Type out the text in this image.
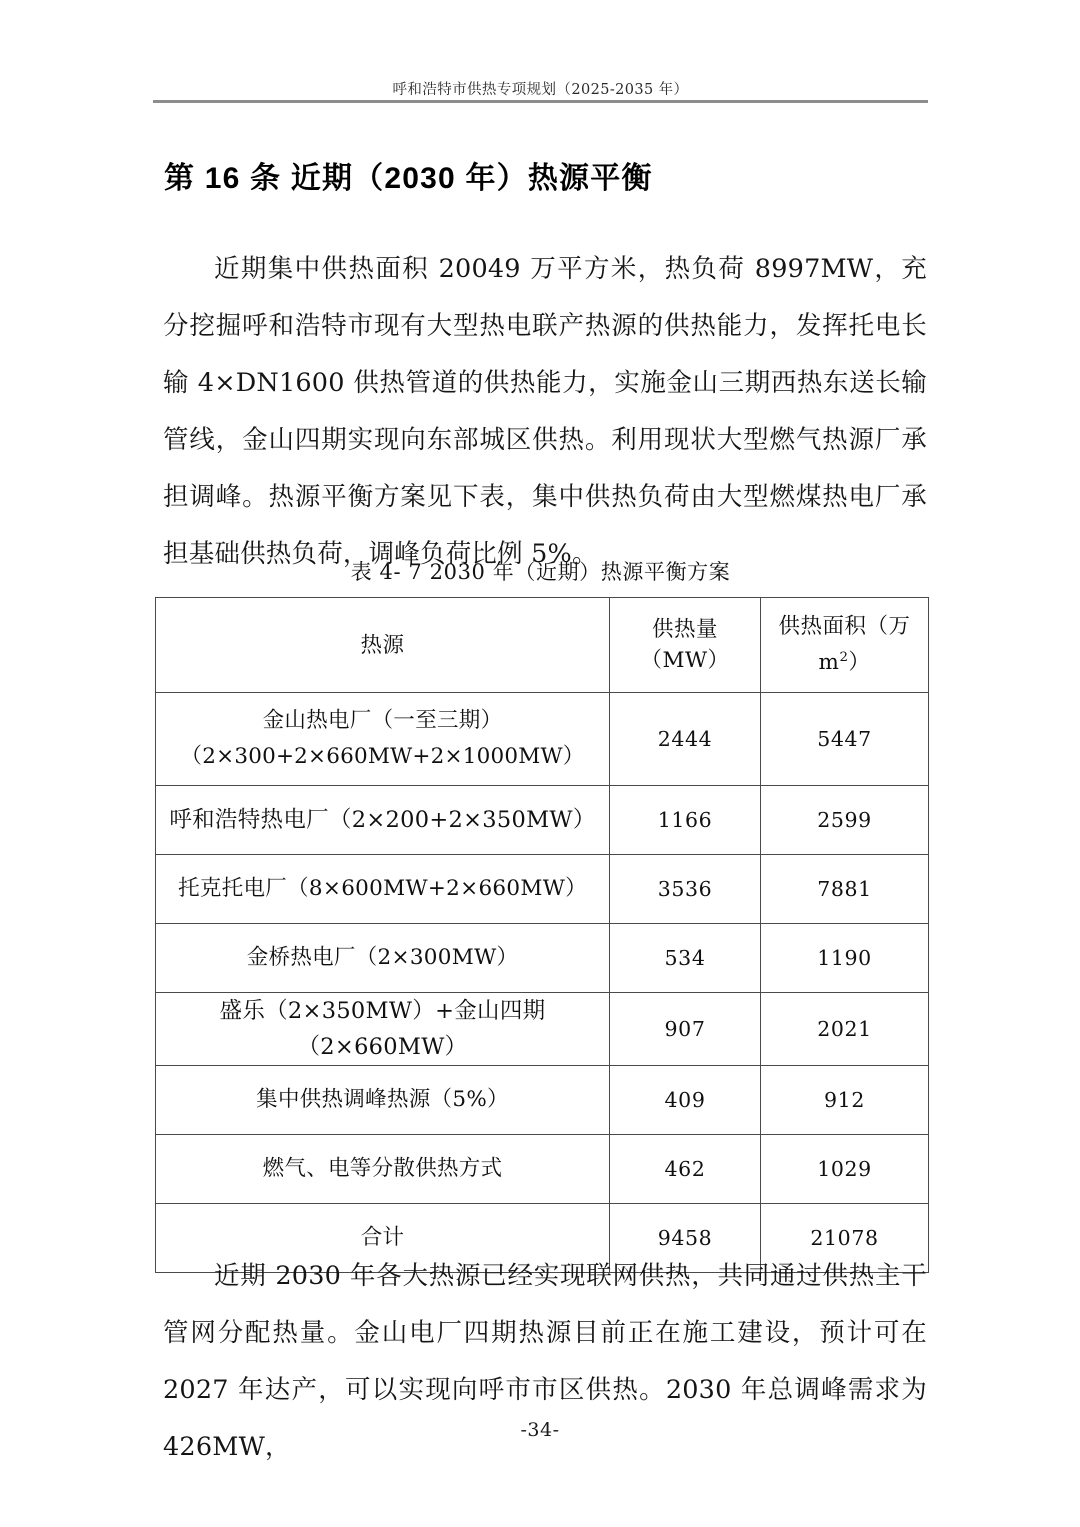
呼和浩特市供热专项规划（2025-2035 年）
第 16 条 近期（2030 年）热源平衡

近期集中供热面积 20049 万平方米，热负荷 8997MW，充分挖掘呼和浩特市现有大型热电联产热源的供热能力，发挥托电长输 4×DN1600 供热管道的供热能力，实施金山三期西热东送长输管线，金山四期实现向东部城区供热。利用现状大型燃气热源厂承担调峰。热源平衡方案见下表，集中供热负荷由大型燃煤热电厂承担基础供热负荷，调峰负荷比例 5%。

表 4- 7 2030 年（近期）热源平衡方案
热源	供热量（MW）	供热面积（万$m^2$）

金山热电厂（一至三期）
（2×300+2×660MW+2×1000MW）	2444	5447
呼和浩特热电厂（2×200+2×350MW）	1166	2599
托克托电厂（8×600MW+2×660MW）	3536	7881
金桥热电厂（2×300MW）	534	1190
盛乐（2×350MW）+金山四期（2×660MW）	907	2021
集中供热调峰热源（5%）	409	912
燃气、电等分散供热方式	462	1029
合计	9458	21078

近期 2030 年各大热源已经实现联网供热，共同通过供热主干管网分配热量。金山电厂四期热源目前正在施工建设，预计可在 2027 年达产，可以实现向呼市市区供热。2030 年总调峰需求为 426MW，

-34-
